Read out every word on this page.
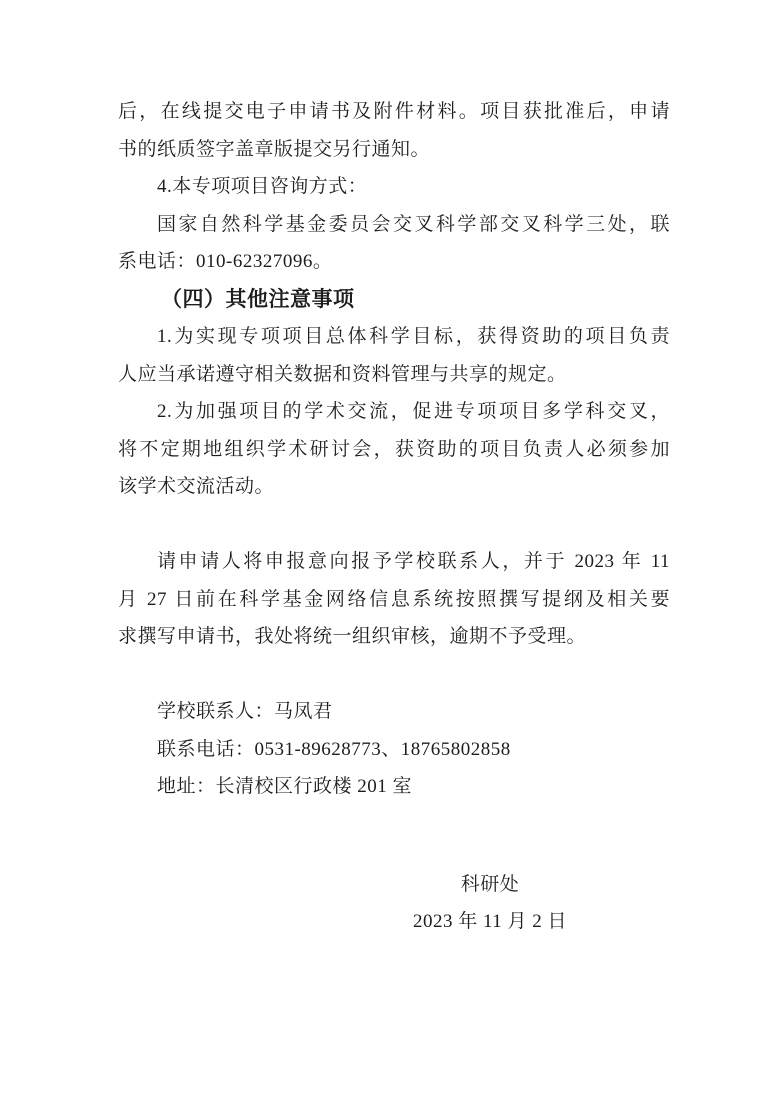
后，在线提交电子申请书及附件材料。项目获批准后，申请
书的纸质签字盖章版提交另行通知。
4.本专项项目咨询方式：
国家自然科学基金委员会交叉科学部交叉科学三处，联
系电话：010-62327096。
（四）其他注意事项
1.为实现专项项目总体科学目标，获得资助的项目负责
人应当承诺遵守相关数据和资料管理与共享的规定。
2.为加强项目的学术交流，促进专项项目多学科交叉，
将不定期地组织学术研讨会，获资助的项目负责人必须参加
该学术交流活动。
请申请人将申报意向报予学校联系人，并于 2023 年 11
月 27 日前在科学基金网络信息系统按照撰写提纲及相关要
求撰写申请书，我处将统一组织审核，逾期不予受理。
学校联系人：马凤君
联系电话：0531-89628773、18765802858
地址：长清校区行政楼 201 室
科研处
2023 年 11 月 2 日
